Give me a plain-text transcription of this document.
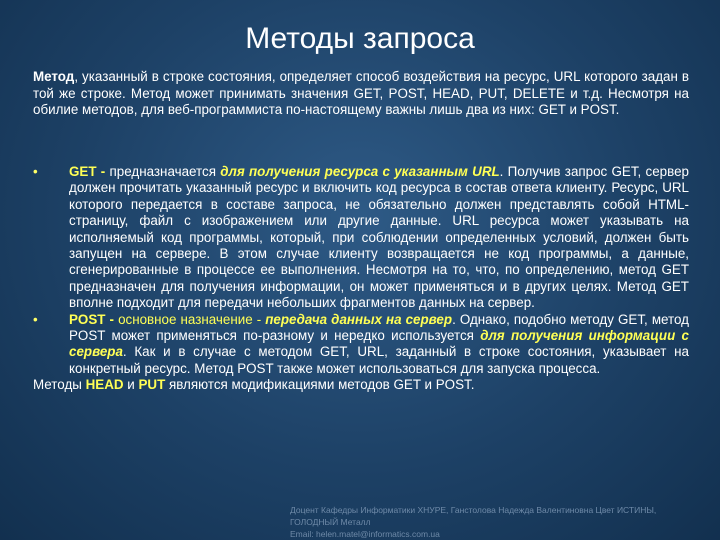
Методы запроса
Метод, указанный в строке состояния, определяет способ воздействия на ресурс, URL которого задан в той же строке. Метод может принимать значения GET, POST, HEAD, PUT, DELETE и т.д. Несмотря на обилие методов, для веб-программиста по-настоящему важны лишь два из них: GET и POST.
• GET - предназначается для получения ресурса с указанным URL. Получив запрос GET, сервер должен прочитать указанный ресурс и включить код ресурса в состав ответа клиенту. Ресурс, URL которого передается в составе запроса, не обязательно должен представлять собой HTML-страницу, файл с изображением или другие данные. URL ресурса может указывать на исполняемый код программы, который, при соблюдении определенных условий, должен быть запущен на сервере. В этом случае клиенту возвращается не код программы, а данные, сгенерированные в процессе ее выполнения. Несмотря на то, что, по определению, метод GET предназначен для получения информации, он может применяться и в других целях. Метод GET вполне подходит для передачи небольших фрагментов данных на сервер.
• POST - основное назначение - передача данных на сервер. Однако, подобно методу GET, метод POST может применяться по-разному и нередко используется для получения информации с сервера. Как и в случае с методом GET, URL, заданный в строке состояния, указывает на конкретный ресурс. Метод POST также может использоваться для запуска процесса.
Методы HEAD и PUT являются модификациями методов GET и POST.
Доцент Кафедры Информатики ХНУРЕ, Ганстолова Надежда Валентиновна Цвет ИСТИНЫ, ГОЛОДНЫЙ Металл
Email: helen.matel@informatics.com.ua
